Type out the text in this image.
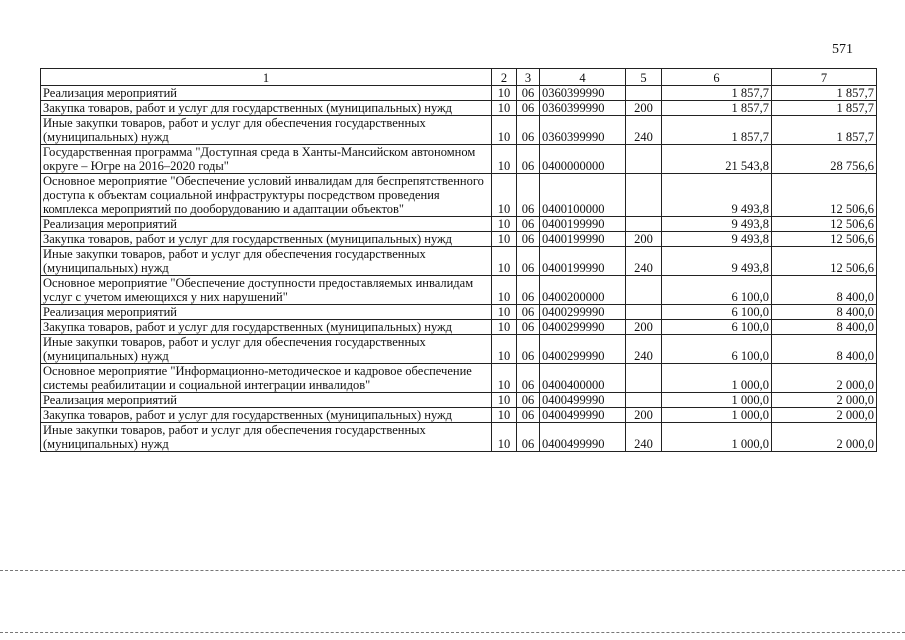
571
1	2	3	4	5	6	7
Реализация мероприятий	10	06	0360399990		1 857,7	1 857,7
Закупка товаров, работ и услуг для государственных (муниципальных) нужд	10	06	0360399990	200	1 857,7	1 857,7
Иные закупки товаров, работ и услуг для обеспечения государственных (муниципальных) нужд	10	06	0360399990	240	1 857,7	1 857,7
Государственная программа "Доступная среда в Ханты-Мансийском автономном округе – Югре на 2016–2020 годы"	10	06	0400000000		21 543,8	28 756,6
Основное мероприятие "Обеспечение условий инвалидам для беспрепятственного доступа к объектам социальной инфраструктуры посредством проведения комплекса мероприятий по дооборудованию и адаптации объектов"	10	06	0400100000		9 493,8	12 506,6
Реализация мероприятий	10	06	0400199990		9 493,8	12 506,6
Закупка товаров, работ и услуг для государственных (муниципальных) нужд	10	06	0400199990	200	9 493,8	12 506,6
Иные закупки товаров, работ и услуг для обеспечения государственных (муниципальных) нужд	10	06	0400199990	240	9 493,8	12 506,6
Основное мероприятие "Обеспечение доступности предоставляемых инвалидам услуг с учетом имеющихся у них нарушений"	10	06	0400200000		6 100,0	8 400,0
Реализация мероприятий	10	06	0400299990		6 100,0	8 400,0
Закупка товаров, работ и услуг для государственных (муниципальных) нужд	10	06	0400299990	200	6 100,0	8 400,0
Иные закупки товаров, работ и услуг для обеспечения государственных (муниципальных) нужд	10	06	0400299990	240	6 100,0	8 400,0
Основное мероприятие "Информационно-методическое и кадровое обеспечение системы реабилитации и социальной интеграции инвалидов"	10	06	0400400000		1 000,0	2 000,0
Реализация мероприятий	10	06	0400499990		1 000,0	2 000,0
Закупка товаров, работ и услуг для государственных (муниципальных) нужд	10	06	0400499990	200	1 000,0	2 000,0
Иные закупки товаров, работ и услуг для обеспечения государственных (муниципальных) нужд	10	06	0400499990	240	1 000,0	2 000,0
